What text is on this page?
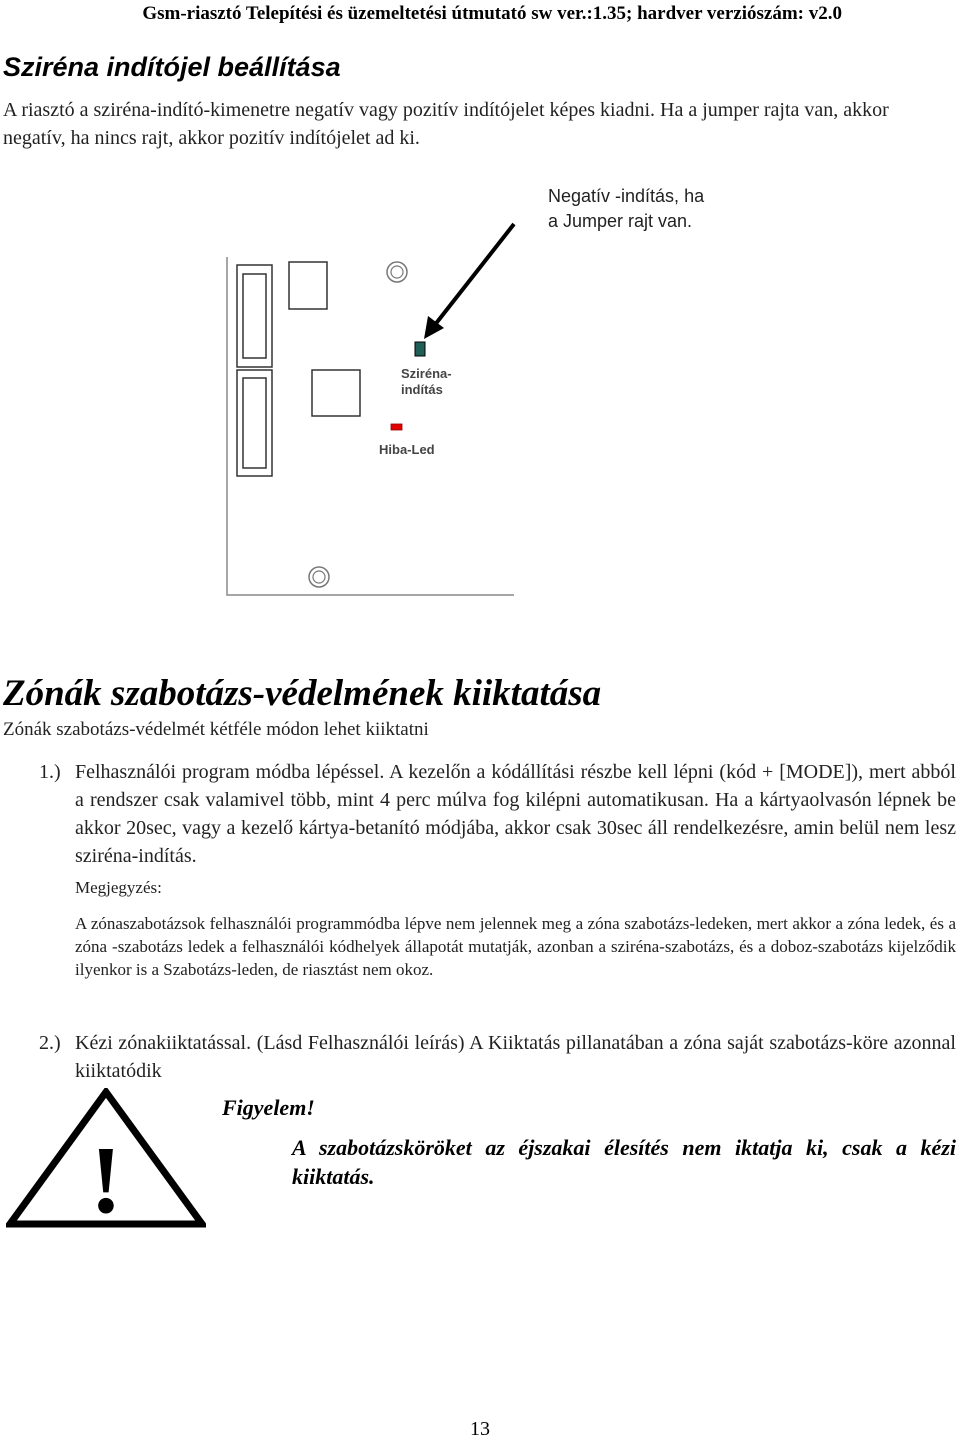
Gsm-riasztó Telepítési és üzemeltetési útmutató sw ver.:1.35; hardver verziószám: v2.0
Sziréna indítójel beállítása
A riasztó a sziréna-indító-kimenetre negatív vagy pozitív indítójelet képes kiadni. Ha a jumper rajta van, akkor negatív, ha nincs rajt, akkor pozitív indítójelet ad ki.
Negatív -indítás, ha
a Jumper rajt van.
Sziréna-
indítás
Hiba-Led
Zónák szabotázs-védelmének kiiktatása
Zónák szabotázs-védelmét kétféle módon lehet kiiktatni
1.) Felhasználói program módba lépéssel. A kezelőn a kódállítási részbe kell lépni (kód + [MODE]), mert abból a rendszer csak valamivel több, mint 4 perc múlva fog kilépni automatikusan. Ha a kártyaolvasón lépnek be akkor 20sec, vagy a kezelő kártya-betanító módjába, akkor csak 30sec áll rendelkezésre, amin belül nem lesz sziréna-indítás.
Megjegyzés:
A zónaszabotázsok felhasználói programmódba lépve nem jelennek meg a zóna szabotázs-ledeken, mert akkor a zóna ledek, és a zóna -szabotázs ledek a felhasználói kódhelyek állapotát mutatják, azonban a sziréna-szabotázs, és a doboz-szabotázs kijelződik ilyenkor is a Szabotázs-leden, de riasztást nem okoz.
2.) Kézi zónakiiktatással. (Lásd Felhasználói leírás) A Kiiktatás pillanatában a zóna saját szabotázs-köre azonnal kiiktatódik
!
Figyelem!
A szabotázsköröket az éjszakai élesítés nem iktatja ki, csak a kézi kiiktatás.
13
